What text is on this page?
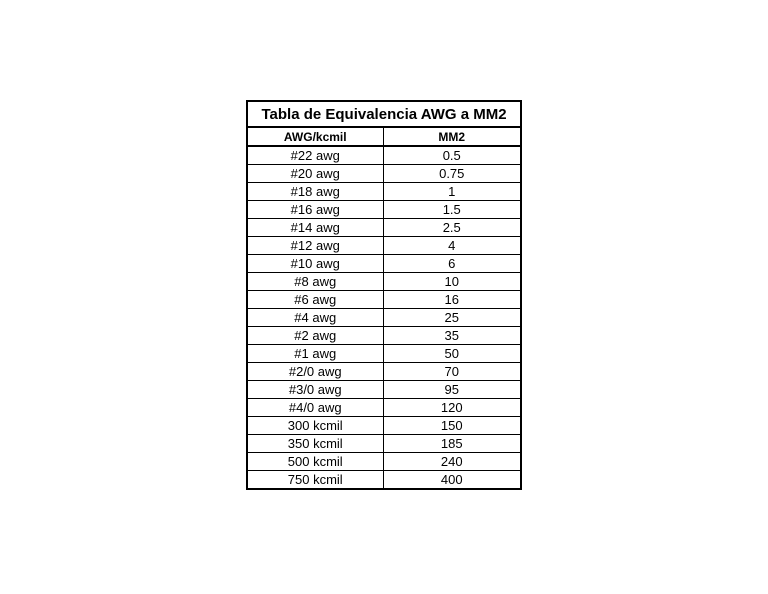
Tabla de Equivalencia AWG a MM2	
AWG/kcmil	MM2
#22 awg	0.5
#20 awg	0.75
#18 awg	1
#16 awg	1.5
#14 awg	2.5
#12 awg	4
#10 awg	6
#8 awg	10
#6 awg	16
#4 awg	25
#2 awg	35
#1 awg	50
#2/0 awg	70
#3/0 awg	95
#4/0 awg	120
300 kcmil	150
350 kcmil	185
500 kcmil	240
750 kcmil	400
